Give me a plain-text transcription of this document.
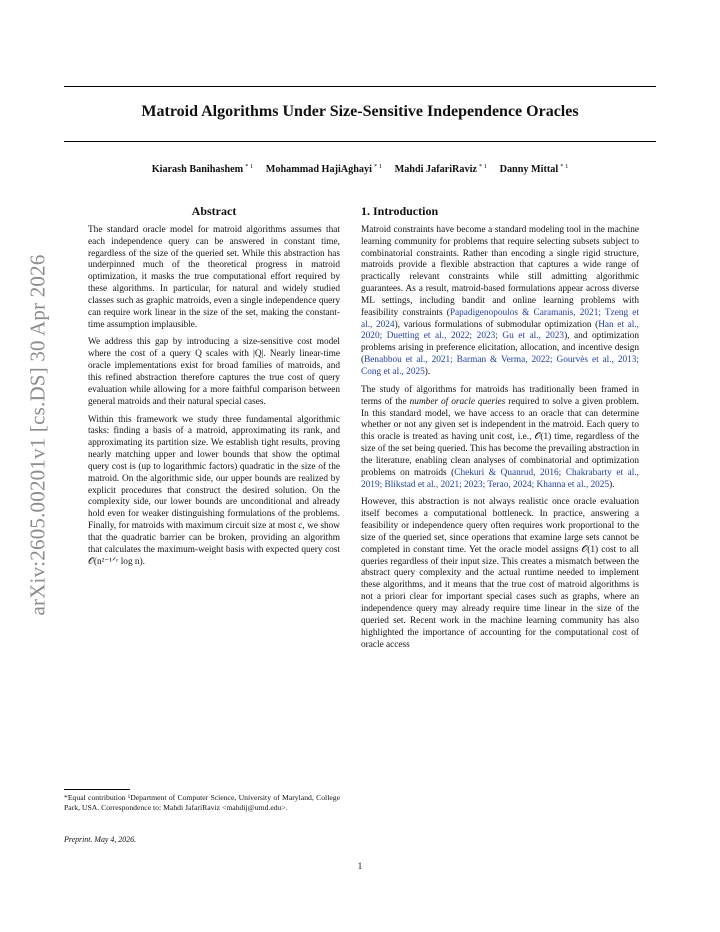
Matroid Algorithms Under Size-Sensitive Independence Oracles
Kiarash Banihashem $^{* 1}$ Mohammad HajiAghayi $^{* 1}$ Mahdi JafariRaviz $^{* 1}$ Danny Mittal $^{* 1}$
arXiv:2605.00201v1 [cs.DS] 30 Apr 2026
Abstract

The standard oracle model for matroid algorithms assumes that each independence query can be answered in constant time, regardless of the size of the queried set. While this abstraction has underpinned much of the theoretical progress in matroid optimization, it masks the true computational effort required by these algorithms. In particular, for natural and widely studied classes such as graphic matroids, even a single independence query can require work linear in the size of the set, making the constant-time assumption implausible.

We address this gap by introducing a size-sensitive cost model where the cost of a query Q scales with |Q|. Nearly linear-time oracle implementations exist for broad families of matroids, and this refined abstraction therefore captures the true cost of query evaluation while allowing for a more faithful comparison between general matroids and their natural special cases.

Within this framework we study three fundamental algorithmic tasks: finding a basis of a matroid, approximating its rank, and approximating its partition size. We establish tight results, proving nearly matching upper and lower bounds that show the optimal query cost is (up to logarithmic factors) quadratic in the size of the matroid. On the algorithmic side, our upper bounds are realized by explicit procedures that construct the desired solution. On the complexity side, our lower bounds are unconditional and already hold even for weaker distinguishing formulations of the problems. Finally, for matroids with maximum circuit size at most c, we show that the quadratic barrier can be broken, providing an algorithm that calculates the maximum-weight basis with expected query cost 𝒪(n²⁻¹ᐟᶜ log n).

1. Introduction

Matroid constraints have become a standard modeling tool in the machine learning community for problems that require selecting subsets subject to combinatorial constraints. Rather than encoding a single rigid structure, matroids provide a flexible abstraction that captures a wide range of practically relevant constraints while still admitting algorithmic guarantees. As a result, matroid-based formulations appear across diverse ML settings, including bandit and online learning problems with feasibility constraints (Papadigenopoulos & Caramanis, 2021; Tzeng et al., 2024), various formulations of submodular optimization (Han et al., 2020; Duetting et al., 2022; 2023; Gu et al., 2023), and optimization problems arising in preference elicitation, allocation, and incentive design (Benabbou et al., 2021; Barman & Verma, 2022; Gourvès et al., 2013; Cong et al., 2025).

The study of algorithms for matroids has traditionally been framed in terms of the number of oracle queries required to solve a given problem. In this standard model, we have access to an oracle that can determine whether or not any given set is independent in the matroid. Each query to this oracle is treated as having unit cost, i.e., 𝒪(1) time, regardless of the size of the set being queried. This has become the prevailing abstraction in the literature, enabling clean analyses of combinatorial and optimization problems on matroids (Chekuri & Quanrud, 2016; Chakrabarty et al., 2019; Blikstad et al., 2021; 2023; Terao, 2024; Khanna et al., 2025).

However, this abstraction is not always realistic once oracle evaluation itself becomes a computational bottleneck. In practice, answering a feasibility or independence query often requires work proportional to the size of the queried set, since operations that examine large sets cannot be completed in constant time. Yet the oracle model assigns 𝒪(1) cost to all queries regardless of their input size. This creates a mismatch between the abstract query complexity and the actual runtime needed to implement these algorithms, and it means that the true cost of matroid algorithms is not a priori clear for important special cases such as graphs, where an independence query may already require time linear in the size of the queried set. Recent work in the machine learning community has also highlighted the importance of accounting for the computational cost of oracle access

*Equal contribution ¹Department of Computer Science, University of Maryland, College Park, USA. Correspondence to: Mahdi JafariRaviz <mahdij@umd.edu>.

Preprint. May 4, 2026.

1
